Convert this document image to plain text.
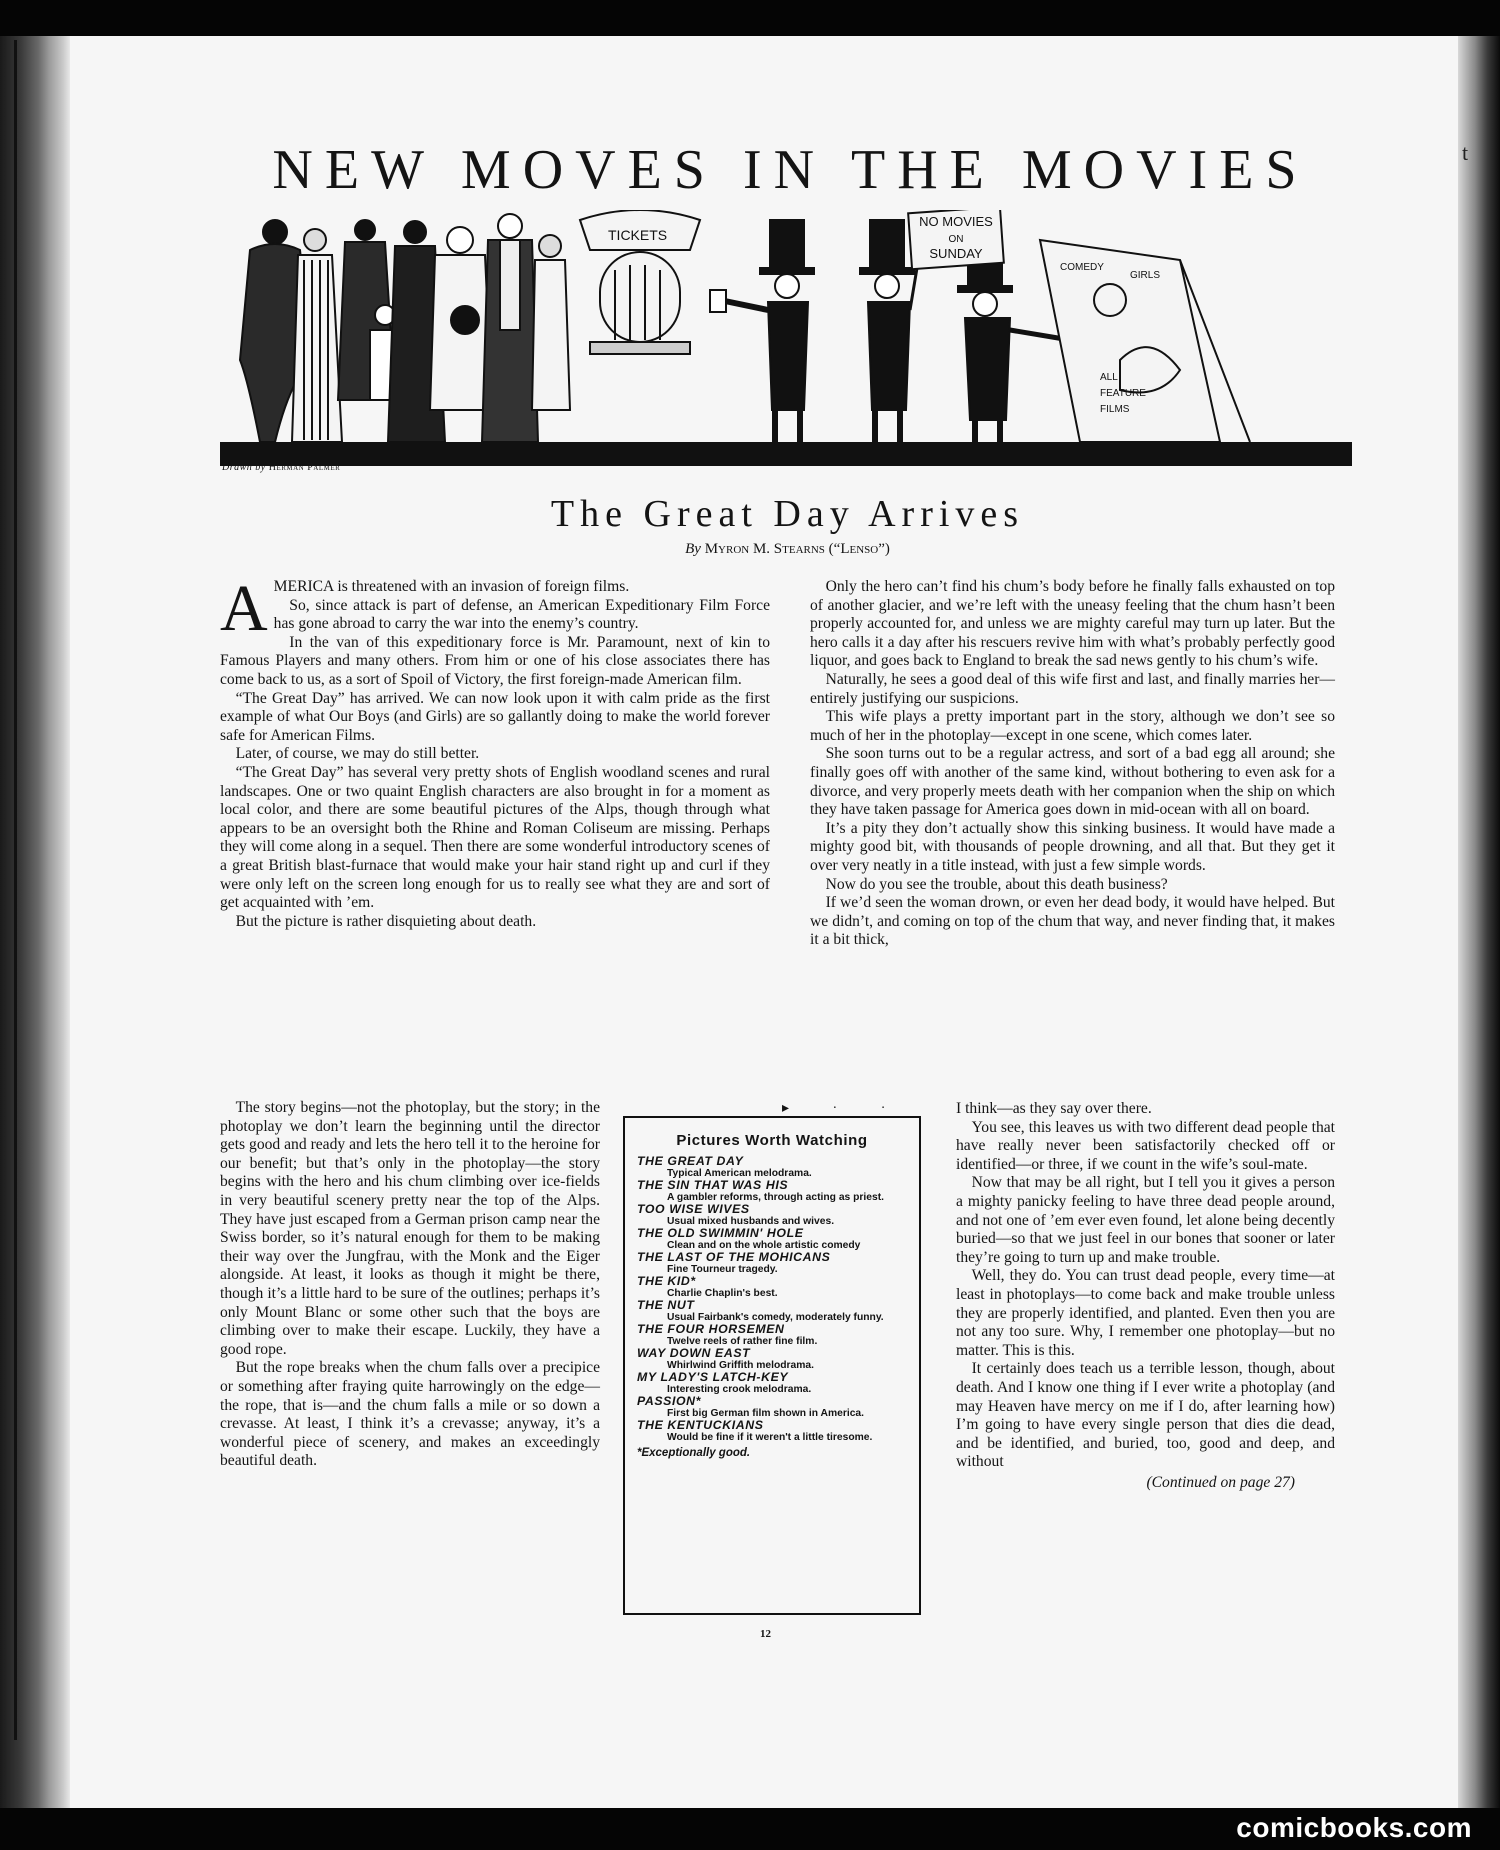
t
NEW MOVES IN THE MOVIES
TICKETS
NO MOVIES
ON
SUNDAY
COMEDY
GIRLS
ALL
FEATURE
FILMS
Drawn by Herman Palmer
The Great Day Arrives
By Myron M. Stearns (“Lenso”)

AMERICA is threatened with an invasion of foreign films.

So, since attack is part of defense, an American Expeditionary Film Force has gone abroad to carry the war into the enemy’s country.

In the van of this expeditionary force is Mr. Paramount, next of kin to Famous Players and many others. From him or one of his close associates there has come back to us, as a sort of Spoil of Victory, the first foreign-made American film.

“The Great Day” has arrived. We can now look upon it with calm pride as the first example of what Our Boys (and Girls) are so gallantly doing to make the world forever safe for American Films.

Later, of course, we may do still better.

“The Great Day” has several very pretty shots of English woodland scenes and rural landscapes. One or two quaint English characters are also brought in for a moment as local color, and there are some beautiful pictures of the Alps, though through what appears to be an oversight both the Rhine and Roman Coliseum are missing. Perhaps they will come along in a sequel. Then there are some wonderful introductory scenes of a great British blast-furnace that would make your hair stand right up and curl if they were only left on the screen long enough for us to really see what they are and sort of get acquainted with ’em.

But the picture is rather disquieting about death.

The story begins—not the photoplay, but the story; in the photoplay we don’t learn the beginning until the director gets good and ready and lets the hero tell it to the heroine for our benefit; but that’s only in the photoplay—the story begins with the hero and his chum climbing over ice-fields in very beautiful scenery pretty near the top of the Alps. They have just escaped from a German prison camp near the Swiss border, so it’s natural enough for them to be making their way over the Jungfrau, with the Monk and the Eiger alongside. At least, it looks as though it might be there, though it’s a little hard to be sure of the outlines; perhaps it’s only Mount Blanc or some other such that the boys are climbing over to make their escape. Luckily, they have a good rope.

But the rope breaks when the chum falls over a precipice or something after fraying quite harrowingly on the edge—the rope, that is—and the chum falls a mile or so down a crevasse. At least, I think it’s a crevasse; anyway, it’s a wonderful piece of scenery, and makes an exceedingly beautiful death.

Only the hero can’t find his chum’s body before he finally falls exhausted on top of another glacier, and we’re left with the uneasy feeling that the chum hasn’t been properly accounted for, and unless we are mighty careful may turn up later. But the hero calls it a day after his rescuers revive him with what’s probably perfectly good liquor, and goes back to England to break the sad news gently to his chum’s wife.

Naturally, he sees a good deal of this wife first and last, and finally marries her—entirely justifying our suspicions.

This wife plays a pretty important part in the story, although we don’t see so much of her in the photoplay—except in one scene, which comes later.

She soon turns out to be a regular actress, and sort of a bad egg all around; she finally goes off with another of the same kind, without bothering to even ask for a divorce, and very properly meets death with her companion when the ship on which they have taken passage for America goes down in mid-ocean with all on board.

It’s a pity they don’t actually show this sinking business. It would have made a mighty good bit, with thousands of people drowning, and all that. But they get it over very neatly in a title instead, with just a few simple words.

Now do you see the trouble, about this death business?

If we’d seen the woman drown, or even her dead body, it would have helped. But we didn’t, and coming on top of the chum that way, and never finding that, it makes it a bit thick,

▸ · ·	I think—as they say over there.

You see, this leaves us with two different dead people that have really never been satisfactorily checked off or identified—or three, if we count in the wife’s soul-mate.

Now that may be all right, but I tell you it gives a person a mighty panicky feeling to have three dead people around, and not one of ’em ever even found, let alone being decently buried—so that we just feel in our bones that sooner or later they’re going to turn up and make trouble.

Well, they do. You can trust dead people, every time—at least in photoplays—to come back and make trouble unless they are properly identified, and planted. Even then you are not any too sure. Why, I remember one photoplay—but no matter. This is this.

It certainly does teach us a terrible lesson, though, about death. And I know one thing if I ever write a photoplay (and may Heaven have mercy on me if I do, after learning how) I’m going to have every single person that dies die dead, and be identified, and buried, too, good and deep, and without

(Continued on page 27)

Pictures Worth Watching
THE GREAT DAY
Typical American melodrama.
THE SIN THAT WAS HIS
A gambler reforms, through acting as priest.
TOO WISE WIVES
Usual mixed husbands and wives.
THE OLD SWIMMIN' HOLE
Clean and on the whole artistic comedy
THE LAST OF THE MOHICANS
Fine Tourneur tragedy.
THE KID*
Charlie Chaplin's best.
THE NUT
Usual Fairbank's comedy, moderately funny.
THE FOUR HORSEMEN
Twelve reels of rather fine film.
WAY DOWN EAST
Whirlwind Griffith melodrama.
MY LADY'S LATCH-KEY
Interesting crook melodrama.
PASSION*
First big German film shown in America.
THE KENTUCKIANS
Would be fine if it weren't a little tiresome.
*Exceptionally good.
12
comicbooks.com
